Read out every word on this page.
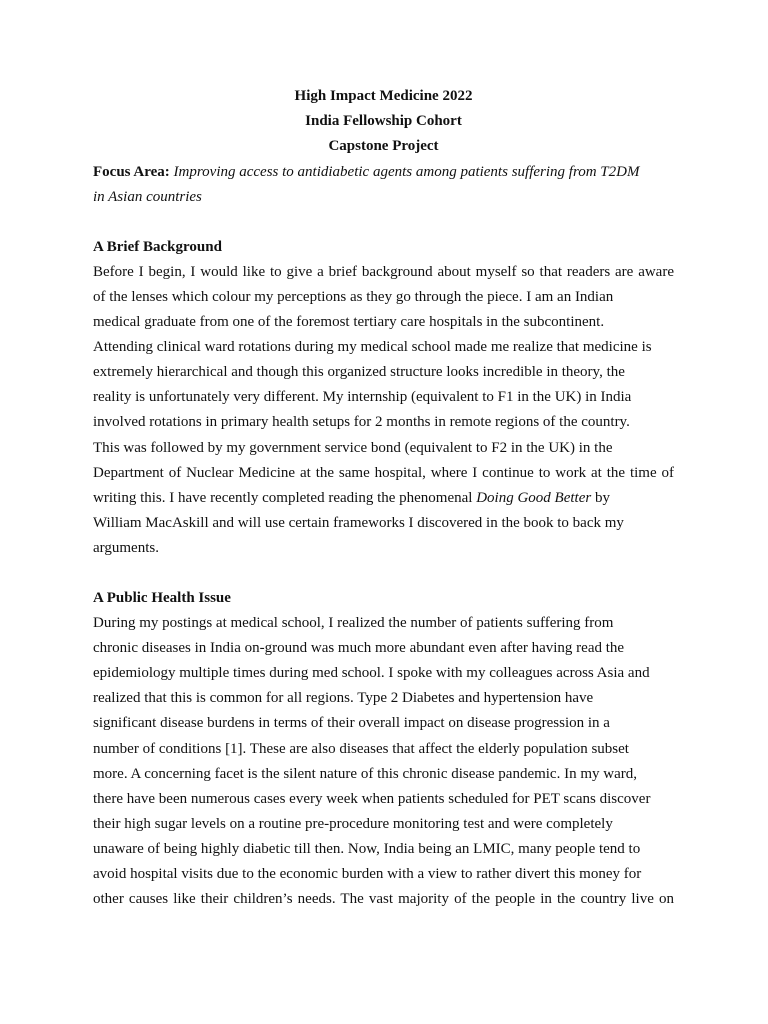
High Impact Medicine 2022
India Fellowship Cohort
Capstone Project
Focus Area: Improving access to antidiabetic agents among patients suffering from T2DM
in Asian countries
A Brief Background
Before I begin, I would like to give a brief background about myself so that readers are aware
of the lenses which colour my perceptions as they go through the piece. I am an Indian
medical graduate from one of the foremost tertiary care hospitals in the subcontinent.
Attending clinical ward rotations during my medical school made me realize that medicine is
extremely hierarchical and though this organized structure looks incredible in theory, the
reality is unfortunately very different. My internship (equivalent to F1 in the UK) in India
involved rotations in primary health setups for 2 months in remote regions of the country.
This was followed by my government service bond (equivalent to F2 in the UK) in the
Department of Nuclear Medicine at the same hospital, where I continue to work at the time of
writing this. I have recently completed reading the phenomenal Doing Good Better by
William MacAskill and will use certain frameworks I discovered in the book to back my
arguments.
A Public Health Issue
During my postings at medical school, I realized the number of patients suffering from
chronic diseases in India on-ground was much more abundant even after having read the
epidemiology multiple times during med school. I spoke with my colleagues across Asia and
realized that this is common for all regions. Type 2 Diabetes and hypertension have
significant disease burdens in terms of their overall impact on disease progression in a
number of conditions [1]. These are also diseases that affect the elderly population subset
more. A concerning facet is the silent nature of this chronic disease pandemic. In my ward,
there have been numerous cases every week when patients scheduled for PET scans discover
their high sugar levels on a routine pre-procedure monitoring test and were completely
unaware of being highly diabetic till then. Now, India being an LMIC, many people tend to
avoid hospital visits due to the economic burden with a view to rather divert this money for
other causes like their children’s needs. The vast majority of the people in the country live on
